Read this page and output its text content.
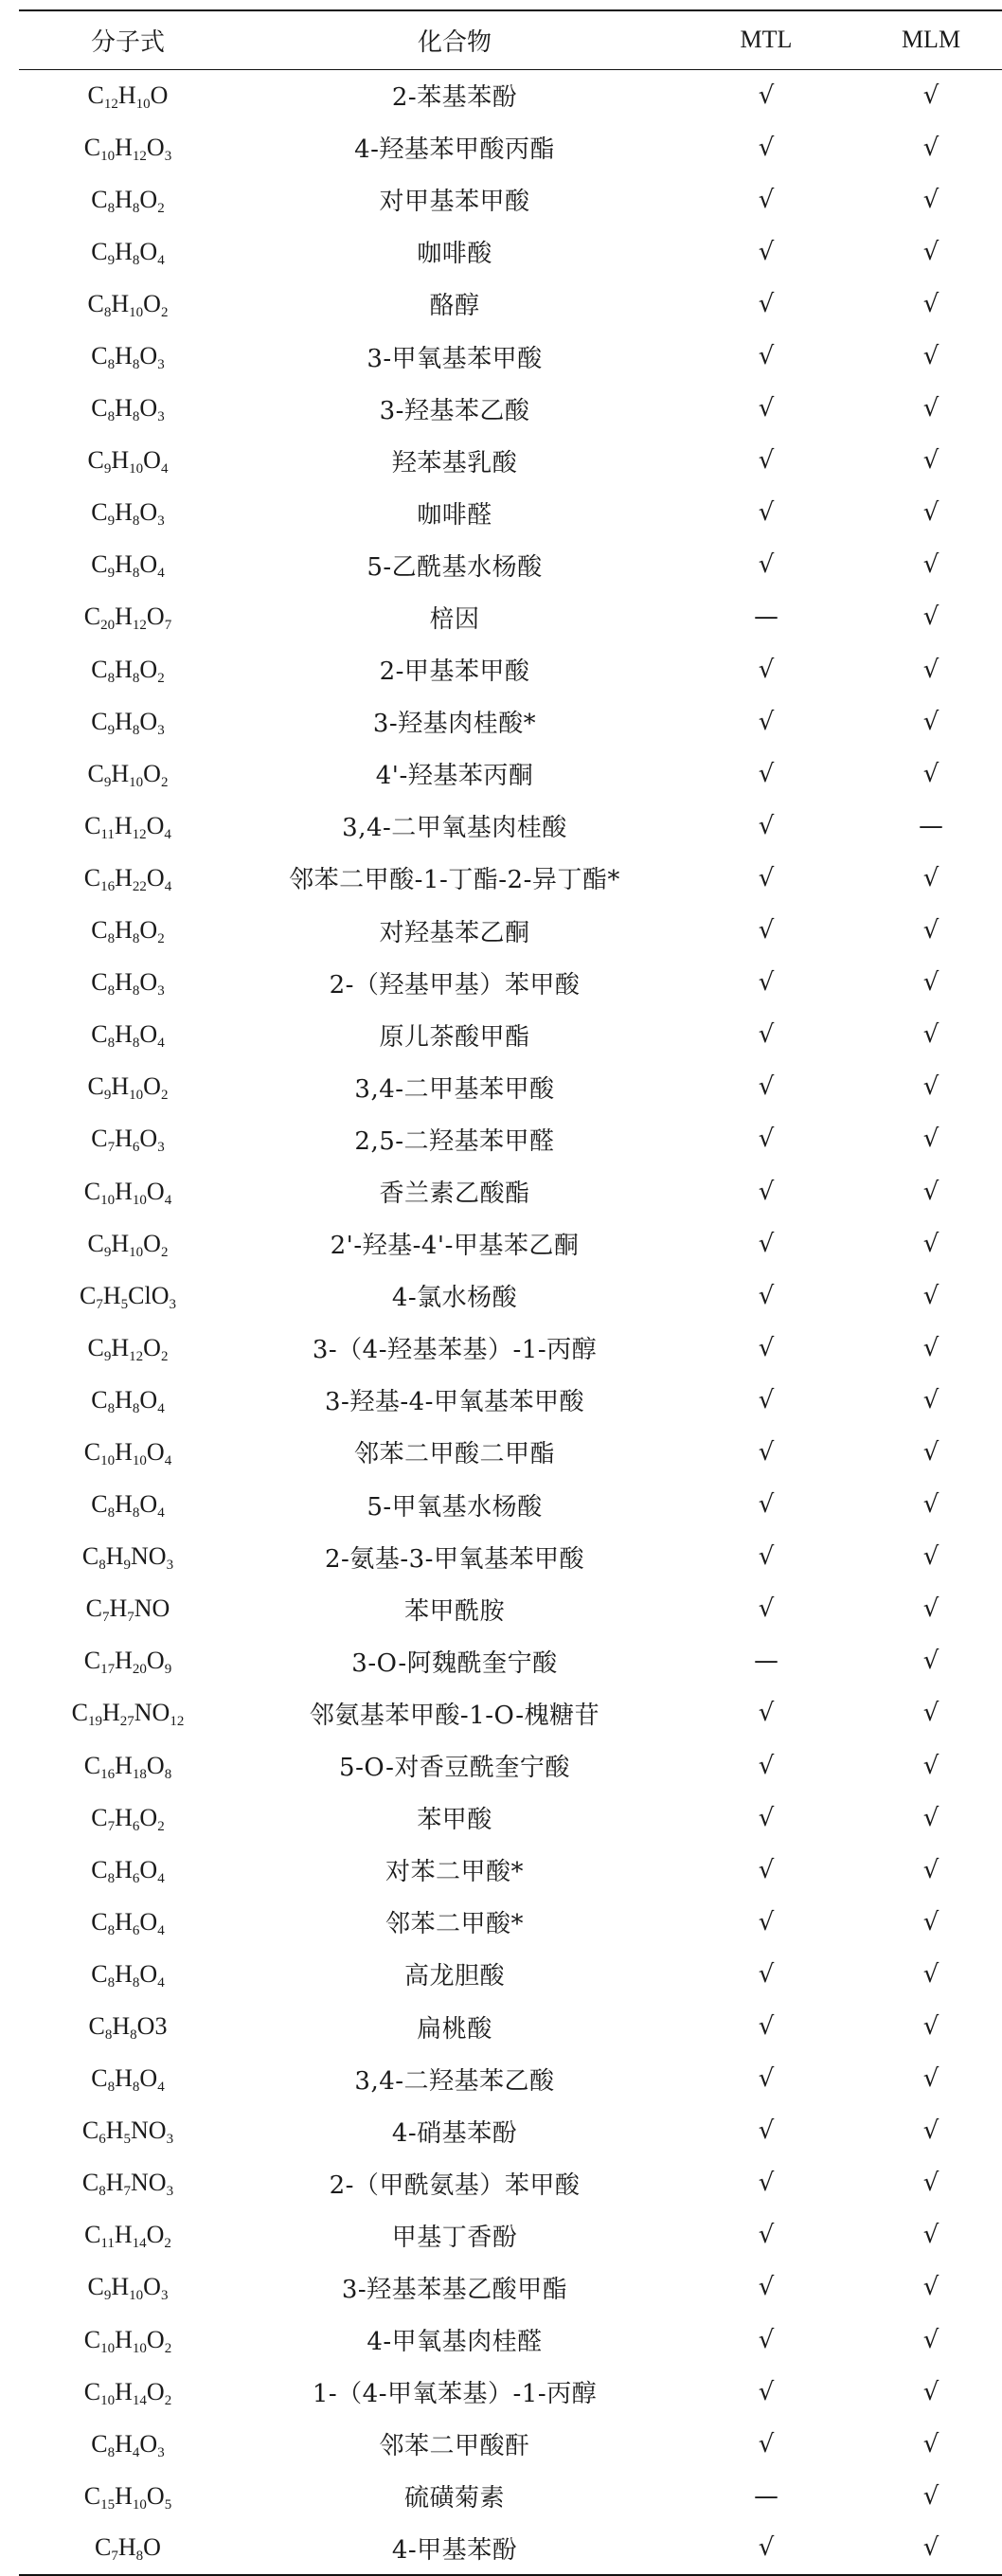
分子式	化合物	MTL	MLM
$C_{12}H_{10}O$	2-苯基苯酚	√	√
$C_{10}H_{12}O_3$	4-羟基苯甲酸丙酯	√	√
$C_8H_8O_2$	对甲基苯甲酸	√	√
$C_9H_8O_4$	咖啡酸	√	√
$C_8H_{10}O_2$	酪醇	√	√
$C_8H_8O_3$	3-甲氧基苯甲酸	√	√
$C_8H_8O_3$	3-羟基苯乙酸	√	√
$C_9H_{10}O_4$	羟苯基乳酸	√	√
$C_9H_8O_3$	咖啡醛	√	√
$C_9H_8O_4$	5-乙酰基水杨酸	√	√
$C_{20}H_{12}O_7$	棓因	—	√
$C_8H_8O_2$	2-甲基苯甲酸	√	√
$C_9H_8O_3$	3-羟基肉桂酸*	√	√
$C_9H_{10}O_2$	4'-羟基苯丙酮	√	√
$C_{11}H_{12}O_4$	3,4-二甲氧基肉桂酸	√	—
$C_{16}H_{22}O_4$	邻苯二甲酸-1-丁酯-2-异丁酯*	√	√
$C_8H_8O_2$	对羟基苯乙酮	√	√
$C_8H_8O_3$	2-（羟基甲基）苯甲酸	√	√
$C_8H_8O_4$	原儿茶酸甲酯	√	√
$C_9H_{10}O_2$	3,4-二甲基苯甲酸	√	√
$C_7H_6O_3$	2,5-二羟基苯甲醛	√	√
$C_{10}H_{10}O_4$	香兰素乙酸酯	√	√
$C_9H_{10}O_2$	2'-羟基-4'-甲基苯乙酮	√	√
$C_7H_5ClO_3$	4-氯水杨酸	√	√
$C_9H_{12}O_2$	3-（4-羟基苯基）-1-丙醇	√	√
$C_8H_8O_4$	3-羟基-4-甲氧基苯甲酸	√	√
$C_{10}H_{10}O_4$	邻苯二甲酸二甲酯	√	√
$C_8H_8O_4$	5-甲氧基水杨酸	√	√
$C_8H_9NO_3$	2-氨基-3-甲氧基苯甲酸	√	√
$C_7H_7NO$	苯甲酰胺	√	√
$C_{17}H_{20}O_9$	3-O-阿魏酰奎宁酸	—	√
$C_{19}H_{27}NO_{12}$	邻氨基苯甲酸-1-O-槐糖苷	√	√
$C_{16}H_{18}O_8$	5-O-对香豆酰奎宁酸	√	√
$C_7H_6O_2$	苯甲酸	√	√
$C_8H_6O_4$	对苯二甲酸*	√	√
$C_8H_6O_4$	邻苯二甲酸*	√	√
$C_8H_8O_4$	高龙胆酸	√	√
$C_8H_8O3$	扁桃酸	√	√
$C_8H_8O_4$	3,4-二羟基苯乙酸	√	√
$C_6H_5NO_3$	4-硝基苯酚	√	√
$C_8H_7NO_3$	2-（甲酰氨基）苯甲酸	√	√
$C_{11}H_{14}O_2$	甲基丁香酚	√	√
$C_9H_{10}O_3$	3-羟基苯基乙酸甲酯	√	√
$C_{10}H_{10}O_2$	4-甲氧基肉桂醛	√	√
$C_{10}H_{14}O_2$	1-（4-甲氧苯基）-1-丙醇	√	√
$C_8H_4O_3$	邻苯二甲酸酐	√	√
$C_{15}H_{10}O_5$	硫磺菊素	—	√
$C_7H_8O$	4-甲基苯酚	√	√
